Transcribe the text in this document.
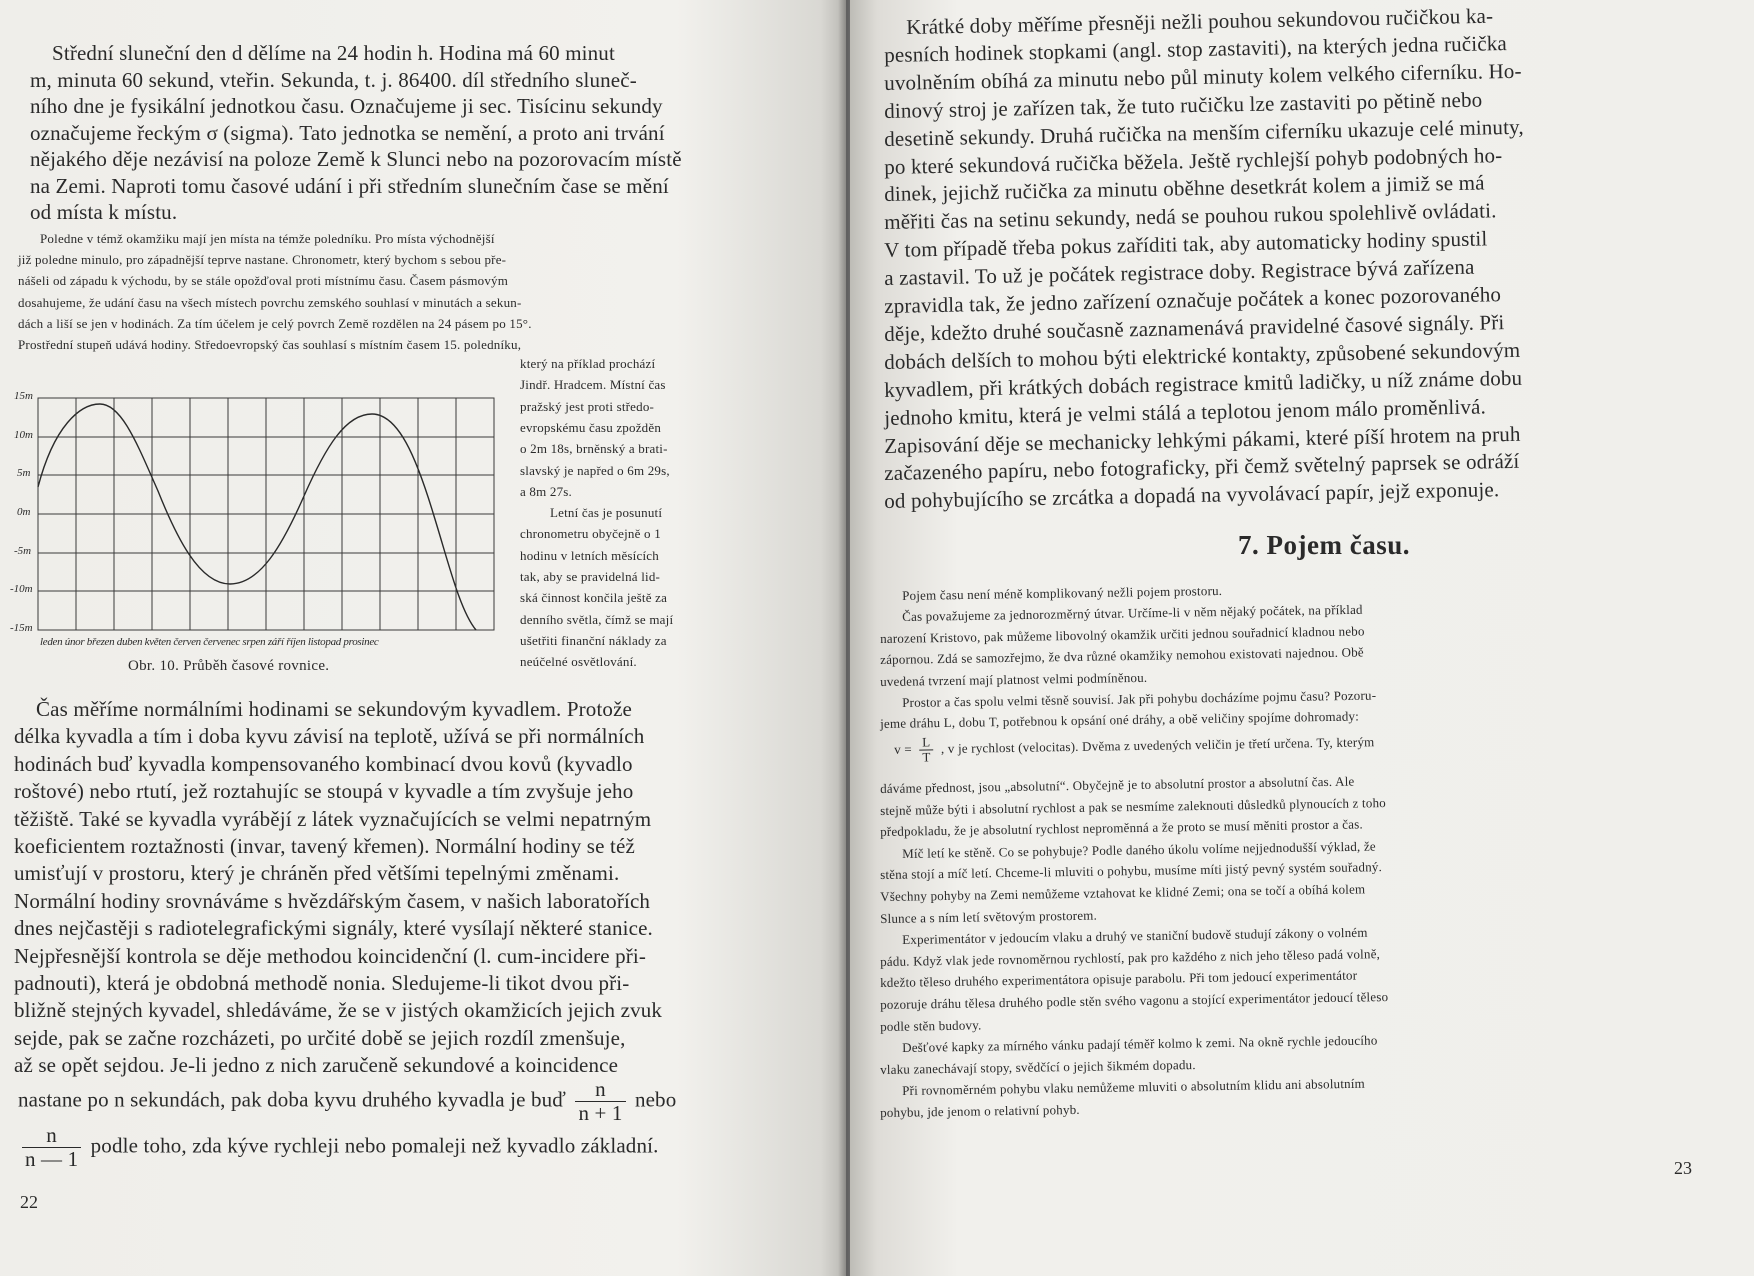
Střední sluneční den d dělíme na 24 hodin h. Hodina má 60 minut
m, minuta 60 sekund, vteřin. Sekunda, t. j. 86400. díl středního sluneč-
ního dne je fysikální jednotkou času. Označujeme ji sec. Tisícinu sekundy
označujeme řeckým σ (sigma). Tato jednotka se nemění, a proto ani trvání
nějakého děje nezávisí na poloze Země k Slunci nebo na pozorovacím místě
na Zemi. Naproti tomu časové udání i při středním slunečním čase se mění
od místa k místu.
Poledne v témž okamžiku mají jen místa na témže poledníku. Pro místa východnější
již poledne minulo, pro západnější teprve nastane. Chronometr, který bychom s sebou pře-
nášeli od západu k východu, by se stále opožďoval proti místnímu času. Časem pásmovým
dosahujeme, že udání času na všech místech povrchu zemského souhlasí v minutách a sekun-
dách a liší se jen v hodinách. Za tím účelem je celý povrch Země rozdělen na 24 pásem po 15°.
Prostřední stupeň udává hodiny. Středoevropský čas souhlasí s místním časem 15. poledníku,
který na příklad prochází
Jindř. Hradcem. Místní čas
pražský jest proti středo-
evropskému času zpožděn
o 2m 18s, brněnský a brati-
slavský je napřed o 6m 29s,
a 8m 27s.
Letní čas je posunutí
chronometru obyčejně o 1
hodinu v letních měsících
tak, aby se pravidelná lid-
ská činnost končila ještě za
denního světla, čímž se mají
ušetřiti finanční náklady za
neúčelné osvětlování.
15m
10m
5m
0m
-5m
-10m
-15m
leden únor březen duben květen červen červenec srpen září říjen listopad prosinec
Obr. 10. Průběh časové rovnice.
Čas měříme normálními hodinami se sekundovým kyvadlem. Protože
délka kyvadla a tím i doba kyvu závisí na teplotě, užívá se při normálních
hodinách buď kyvadla kompensovaného kombinací dvou kovů (kyvadlo
roštové) nebo rtutí, jež roztahujíc se stoupá v kyvadle a tím zvyšuje jeho
těžiště. Také se kyvadla vyrábějí z látek vyznačujících se velmi nepatrným
koeficientem roztažnosti (invar, tavený křemen). Normální hodiny se též
umisťují v prostoru, který je chráněn před většími tepelnými změnami.
Normální hodiny srovnáváme s hvězdářským časem, v našich laboratořích
dnes nejčastěji s radiotelegrafickými signály, které vysílají některé stanice.
Nejpřesnější kontrola se děje methodou koincidenční (l. cum-incidere při-
padnouti), která je obdobná methodě nonia. Sledujeme-li tikot dvou při-
bližně stejných kyvadel, shledáváme, že se v jistých okamžicích jejich zvuk
sejde, pak se začne rozcházeti, po určité době se jejich rozdíl zmenšuje,
až se opět sejdou. Je-li jedno z nich zaručeně sekundové a koincidence
nastane po n sekundách, pak doba kyvu druhého kyvadla je buď $\frac{n}{n + 1}$ nebo
$\frac{n}{n — 1}$ podle toho, zda kýve rychleji nebo pomaleji než kyvadlo základní.
22
Krátké doby měříme přesněji nežli pouhou sekundovou ručičkou ka-
pesních hodinek stopkami (angl. stop zastaviti), na kterých jedna ručička
uvolněním obíhá za minutu nebo půl minuty kolem velkého ciferníku. Ho-
dinový stroj je zařízen tak, že tuto ručičku lze zastaviti po pětině nebo
desetině sekundy. Druhá ručička na menším ciferníku ukazuje celé minuty,
po které sekundová ručička běžela. Ještě rychlejší pohyb podobných ho-
dinek, jejichž ručička za minutu oběhne desetkrát kolem a jimiž se má
měřiti čas na setinu sekundy, nedá se pouhou rukou spolehlivě ovládati.
V tom případě třeba pokus zaříditi tak, aby automaticky hodiny spustil
a zastavil. To už je počátek registrace doby. Registrace bývá zařízena
zpravidla tak, že jedno zařízení označuje počátek a konec pozorovaného
děje, kdežto druhé současně zaznamenává pravidelné časové signály. Při
dobách delších to mohou býti elektrické kontakty, způsobené sekundovým
kyvadlem, při krátkých dobách registrace kmitů ladičky, u níž známe dobu
jednoho kmitu, která je velmi stálá a teplotou jenom málo proměnlivá.
Zapisování děje se mechanicky lehkými pákami, které píší hrotem na pruh
začazeného papíru, nebo fotograficky, při čemž světelný paprsek se odráží
od pohybujícího se zrcátka a dopadá na vyvolávací papír, jejž exponuje.
7. Pojem času.
Pojem času není méně komplikovaný nežli pojem prostoru.
Čas považujeme za jednorozměrný útvar. Určíme-li v něm nějaký počátek, na příklad
narození Kristovo, pak můžeme libovolný okamžik určiti jednou souřadnicí kladnou nebo
zápornou. Zdá se samozřejmo, že dva různé okamžiky nemohou existovati najednou. Obě
uvedená tvrzení mají platnost velmi podmíněnou.
Prostor a čas spolu velmi těsně souvisí. Jak při pohybu docházíme pojmu času? Pozoru-
jeme dráhu L, dobu T, potřebnou k opsání oné dráhy, a obě veličiny spojíme dohromady:
$v = \frac{L}{T}$ , v je rychlost (velocitas). Dvěma z uvedených veličin je třetí určena. Ty, kterým
dáváme přednost, jsou „absolutní“. Obyčejně je to absolutní prostor a absolutní čas. Ale
stejně může býti i absolutní rychlost a pak se nesmíme zaleknouti důsledků plynoucích z toho
předpokladu, že je absolutní rychlost neproměnná a že proto se musí měniti prostor a čas.
Míč letí ke stěně. Co se pohybuje? Podle daného úkolu volíme nejjednodušší výklad, že
stěna stojí a míč letí. Chceme-li mluviti o pohybu, musíme míti jistý pevný systém souřadný.
Všechny pohyby na Zemi nemůžeme vztahovat ke klidné Zemi; ona se točí a obíhá kolem
Slunce a s ním letí světovým prostorem.
Experimentátor v jedoucím vlaku a druhý ve staniční budově studují zákony o volném
pádu. Když vlak jede rovnoměrnou rychlostí, pak pro každého z nich jeho těleso padá volně,
kdežto těleso druhého experimentátora opisuje parabolu. Při tom jedoucí experimentátor
pozoruje dráhu tělesa druhého podle stěn svého vagonu a stojící experimentátor jedoucí těleso
podle stěn budovy.
Dešťové kapky za mírného vánku padají téměř kolmo k zemi. Na okně rychle jedoucího
vlaku zanechávají stopy, svědčící o jejich šikmém dopadu.
Při rovnoměrném pohybu vlaku nemůžeme mluviti o absolutním klidu ani absolutním
pohybu, jde jenom o relativní pohyb.
23
